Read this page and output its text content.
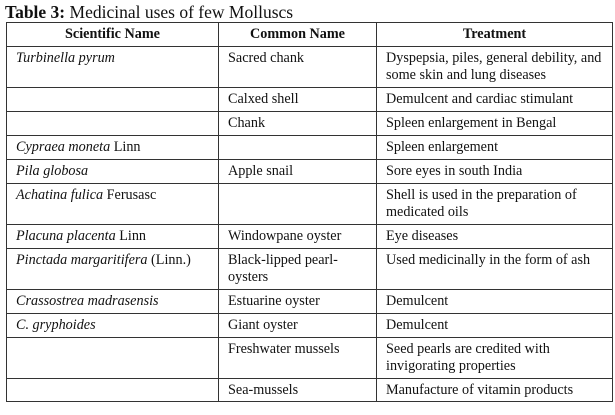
Table 3: Medicinal uses of few Molluscs
Scientific Name	Common Name	Treatment
Turbinella pyrum	Sacred chank	Dyspepsia, piles, general debility, and some skin and lung diseases
	Calxed shell	Demulcent and cardiac stimulant
	Chank	Spleen enlargement in Bengal
Cypraea moneta Linn		Spleen enlargement
Pila globosa	Apple snail	Sore eyes in south India
Achatina fulica Ferusasc		Shell is used in the preparation of medicated oils
Placuna placenta Linn	Windowpane oyster	Eye diseases
Pinctada margaritifera (Linn.)	Black-lipped pearl-oysters	Used medicinally in the form of ash
Crassostrea madrasensis	Estuarine oyster	Demulcent
C. gryphoides	Giant oyster	Demulcent
	Freshwater mussels	Seed pearls are credited with invigorating properties
	Sea-mussels	Manufacture of vitamin products
